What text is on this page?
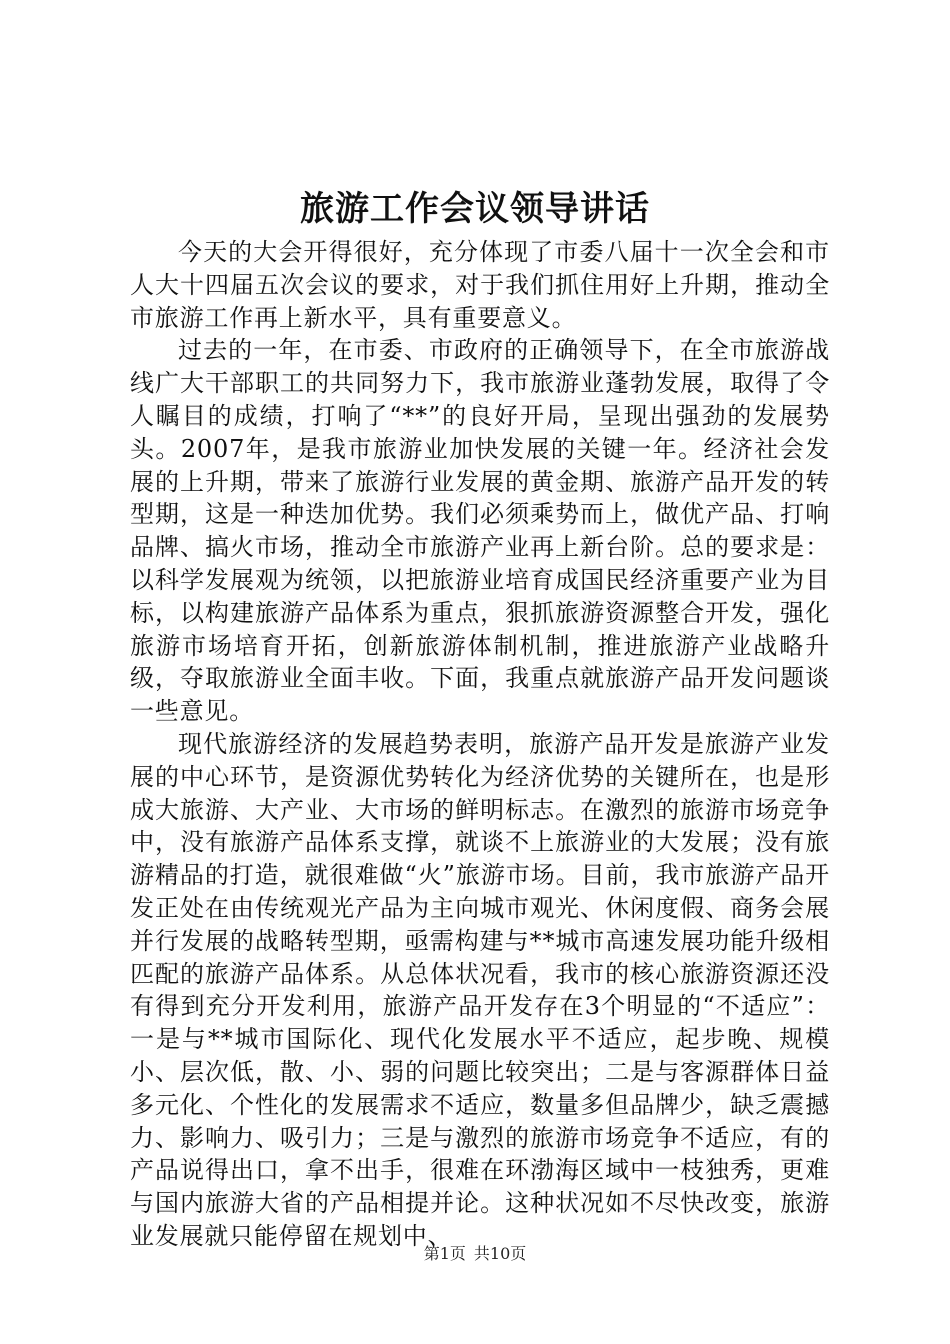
旅游工作会议领导讲话

今天的大会开得很好，充分体现了市委八届十一次全会和市人大十四届五次会议的要求，对于我们抓住用好上升期，推动全市旅游工作再上新水平，具有重要意义。

过去的一年，在市委、市政府的正确领导下，在全市旅游战线广大干部职工的共同努力下，我市旅游业蓬勃发展，取得了令人瞩目的成绩，打响了“**”的良好开局，呈现出强劲的发展势头。2007年，是我市旅游业加快发展的关键一年。经济社会发展的上升期，带来了旅游行业发展的黄金期、旅游产品开发的转型期，这是一种迭加优势。我们必须乘势而上，做优产品、打响品牌、搞火市场，推动全市旅游产业再上新台阶。总的要求是：以科学发展观为统领，以把旅游业培育成国民经济重要产业为目标，以构建旅游产品体系为重点，狠抓旅游资源整合开发，强化旅游市场培育开拓，创新旅游体制机制，推进旅游产业战略升级，夺取旅游业全面丰收。下面，我重点就旅游产品开发问题谈一些意见。

现代旅游经济的发展趋势表明，旅游产品开发是旅游产业发展的中心环节，是资源优势转化为经济优势的关键所在，也是形成大旅游、大产业、大市场的鲜明标志。在激烈的旅游市场竞争中，没有旅游产品体系支撑，就谈不上旅游业的大发展；没有旅游精品的打造，就很难做“火”旅游市场。目前，我市旅游产品开发正处在由传统观光产品为主向城市观光、休闲度假、商务会展并行发展的战略转型期，亟需构建与**城市高速发展功能升级相匹配的旅游产品体系。从总体状况看，我市的核心旅游资源还没有得到充分开发利用，旅游产品开发存在3个明显的“不适应”：一是与**城市国际化、现代化发展水平不适应，起步晚、规模小、层次低，散、小、弱的问题比较突出；二是与客源群体日益多元化、个性化的发展需求不适应，数量多但品牌少，缺乏震撼力、影响力、吸引力；三是与激烈的旅游市场竞争不适应，有的产品说得出口，拿不出手，很难在环渤海区域中一枝独秀，更难与国内旅游大省的产品相提并论。这种状况如不尽快改变，旅游业发展就只能停留在规划中、

第1页 共10页
